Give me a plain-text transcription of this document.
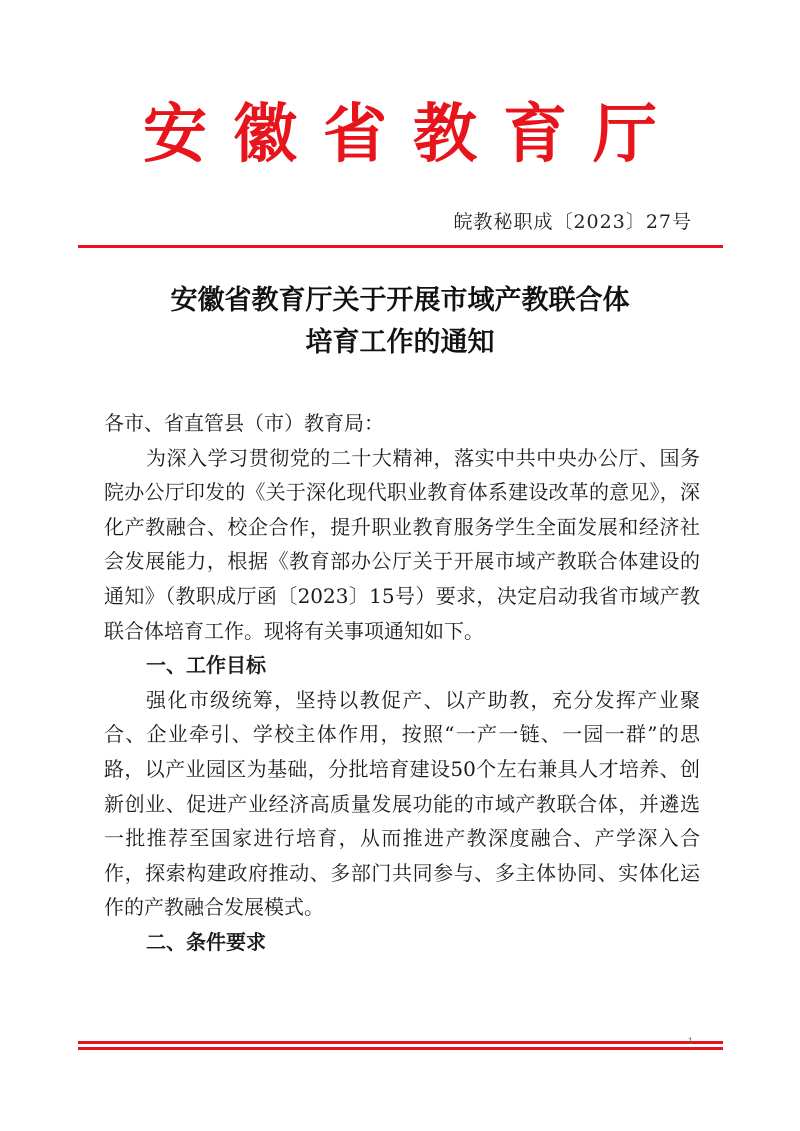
安徽省教育厅
皖教秘职成〔2023〕27号
安徽省教育厅关于开展市域产教联合体
培育工作的通知

各市、省直管县（市）教育局：

为深入学习贯彻党的二十大精神，落实中共中央办公厅、国务院办公厅印发的《关于深化现代职业教育体系建设改革的意见》，深化产教融合、校企合作，提升职业教育服务学生全面发展和经济社会发展能力，根据《教育部办公厅关于开展市域产教联合体建设的通知》（教职成厅函〔2023〕15号）要求，决定启动我省市域产教联合体培育工作。现将有关事项通知如下。

一、工作目标

强化市级统筹，坚持以教促产、以产助教，充分发挥产业聚合、企业牵引、学校主体作用，按照“一产一链、一园一群”的思路，以产业园区为基础，分批培育建设50个左右兼具人才培养、创新创业、促进产业经济高质量发展功能的市域产教联合体，并遴选一批推荐至国家进行培育，从而推进产教深度融合、产学深入合作，探索构建政府推动、多部门共同参与、多主体协同、实体化运作的产教融合发展模式。

二、条件要求

1
